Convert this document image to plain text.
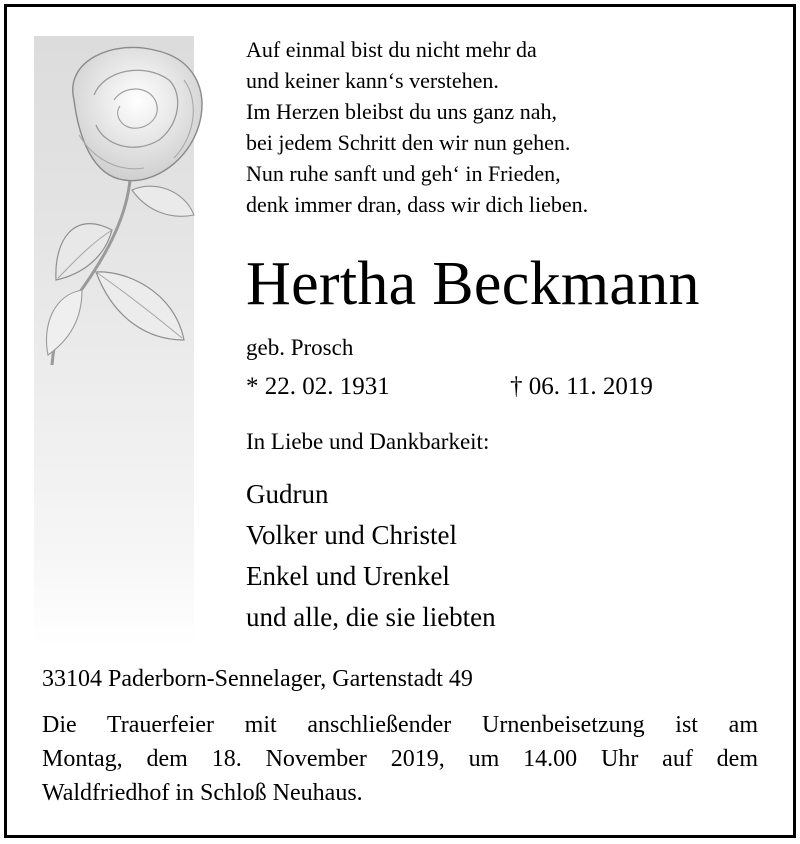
Auf einmal bist du nicht mehr da
und keiner kann‘s verstehen.
Im Herzen bleibst du uns ganz nah,
bei jedem Schritt den wir nun gehen.
Nun ruhe sanft und geh‘ in Frieden,
denk immer dran, dass wir dich lieben.
Hertha Beckmann
geb. Prosch
* 22. 02. 1931	† 06. 11. 2019
In Liebe und Dankbarkeit:
Gudrun
Volker und Christel
Enkel und Urenkel
und alle, die sie liebten
33104 Paderborn-Sennelager, Gartenstadt 49
Die Trauerfeier mit anschließender Urnenbeisetzung ist am
Montag, dem 18. November 2019, um 14.00 Uhr auf dem
Waldfriedhof in Schloß Neuhaus.
